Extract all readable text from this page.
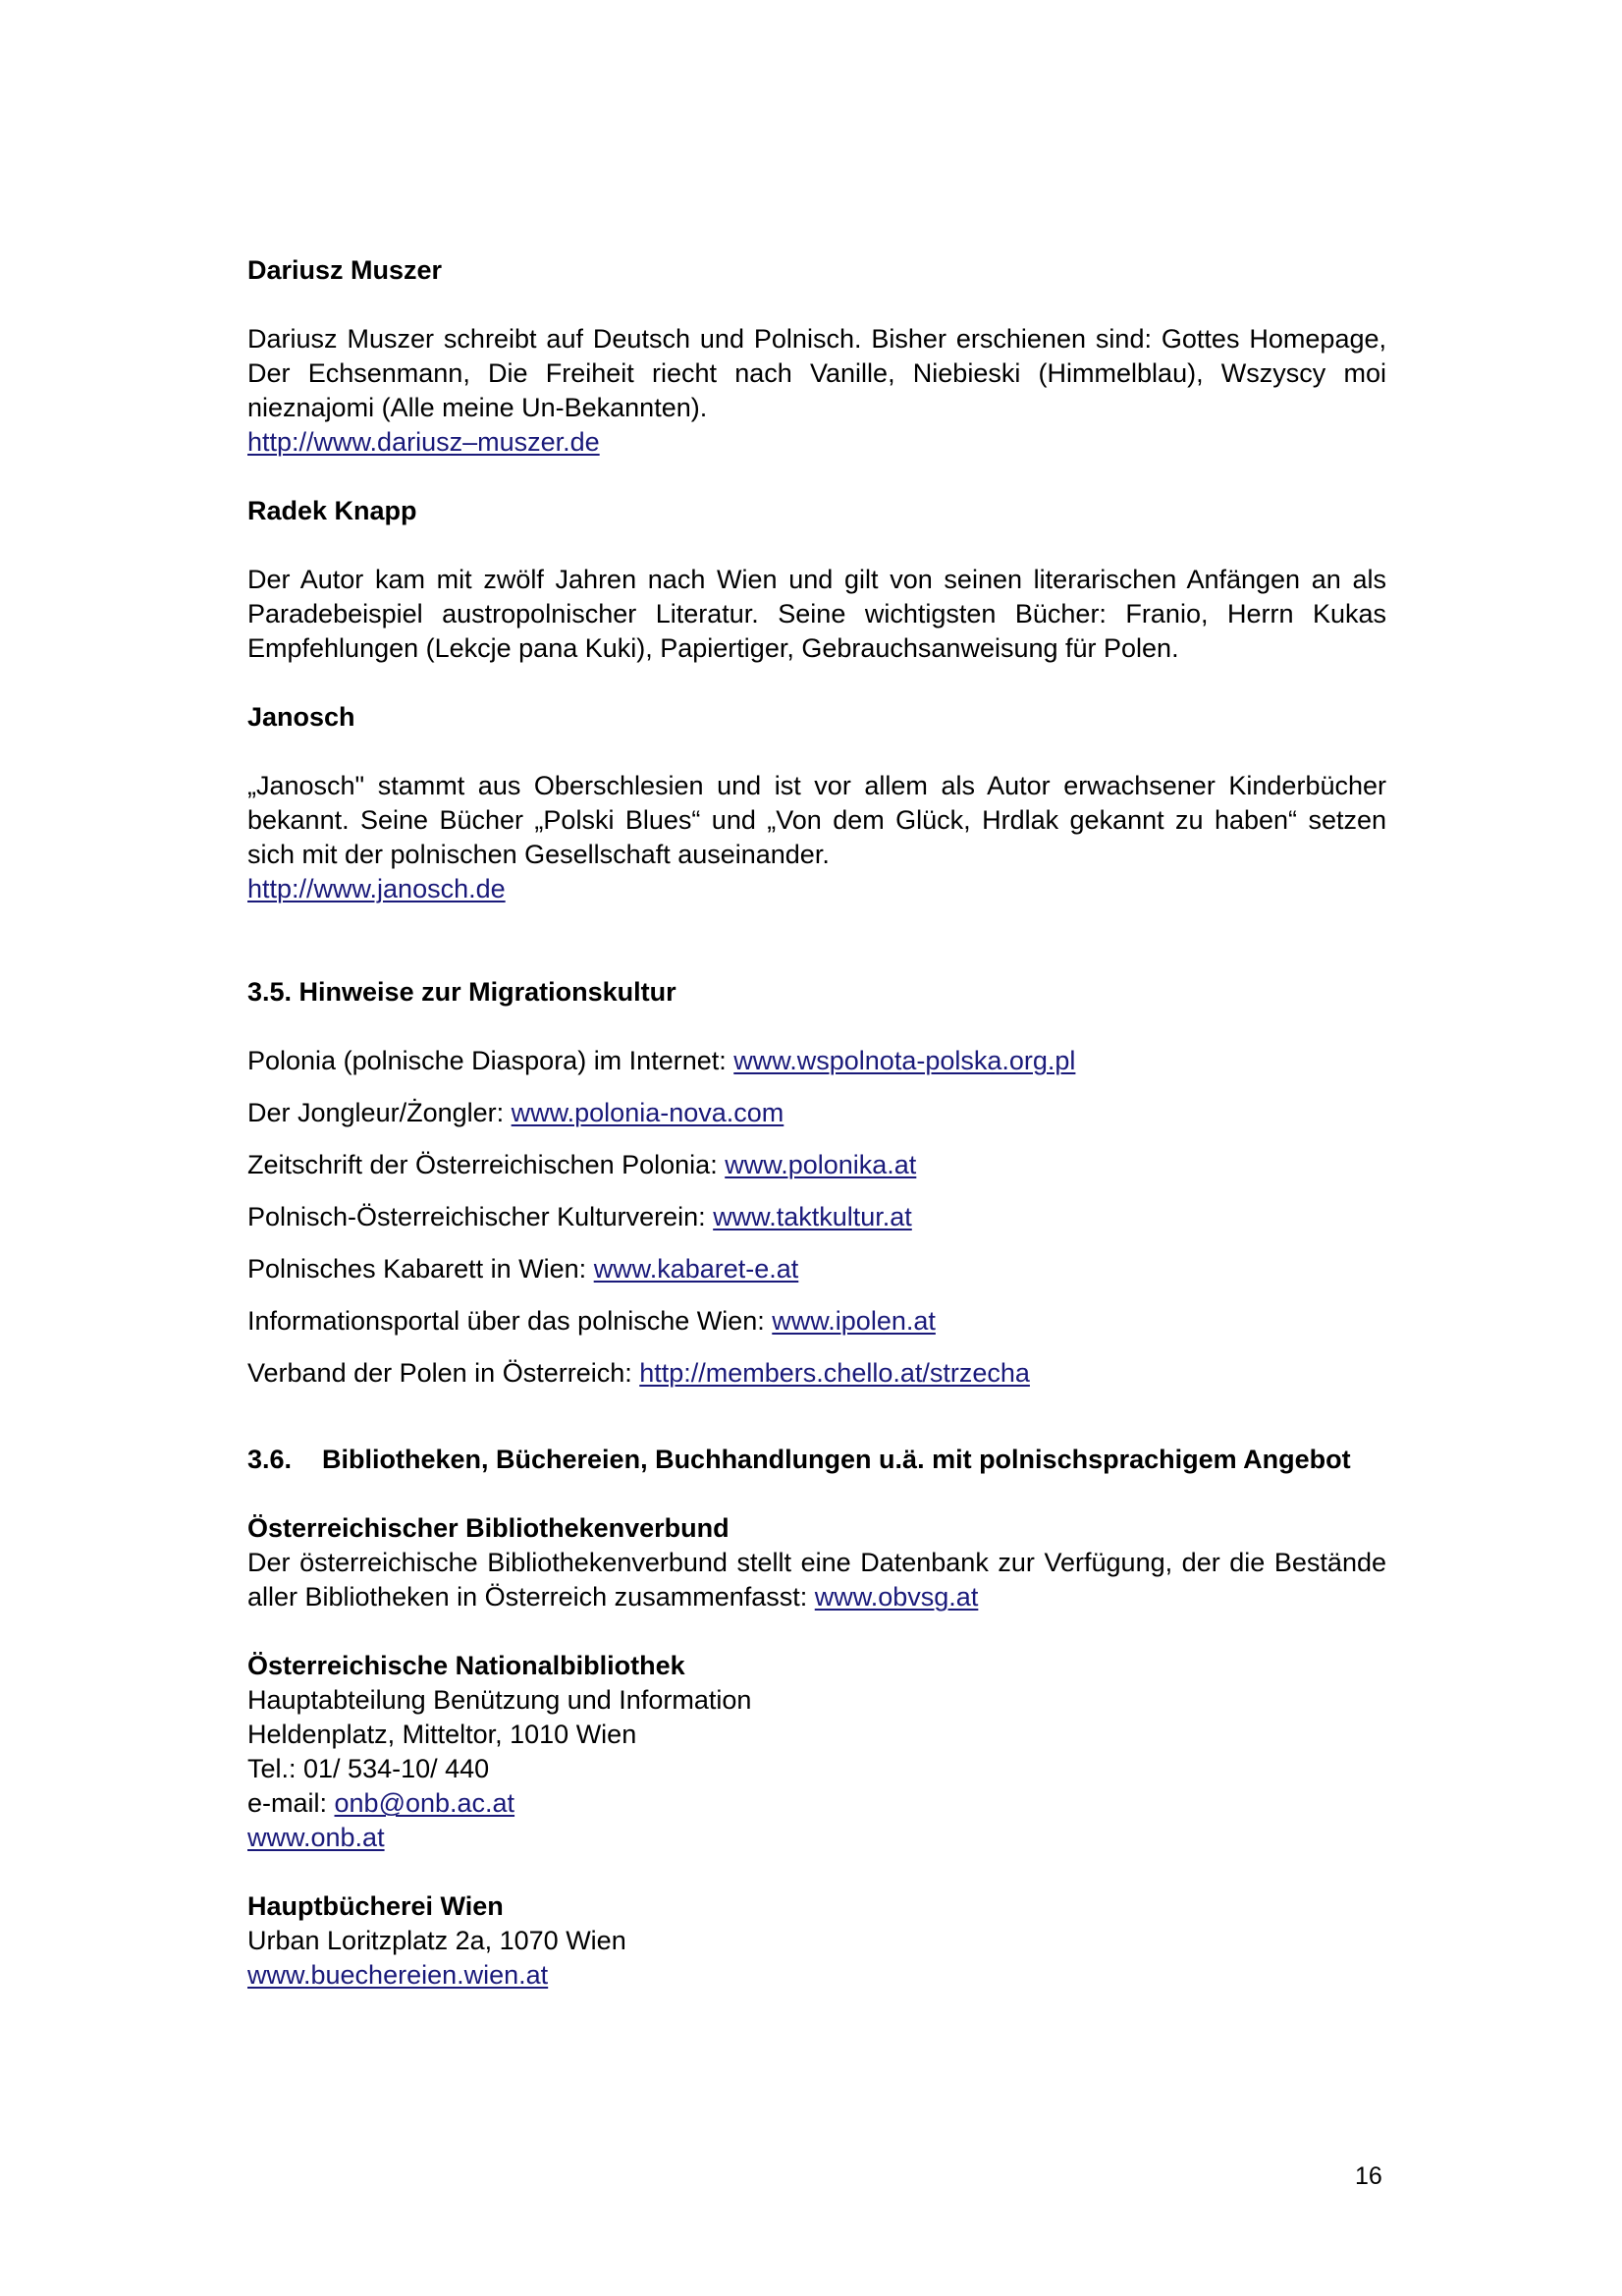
Dariusz Muszer

Dariusz Muszer schreibt auf Deutsch und Polnisch. Bisher erschienen sind: Gottes Homepage, Der Echsenmann, Die Freiheit riecht nach Vanille, Niebieski (Himmelblau), Wszyscy moi nieznajomi (Alle meine Un-Bekannten).

http://www.dariusz–muszer.de

Radek Knapp

Der Autor kam mit zwölf Jahren nach Wien und gilt von seinen literarischen Anfängen an als Paradebeispiel austropolnischer Literatur. Seine wichtigsten Bücher: Franio, Herrn Kukas Empfehlungen (Lekcje pana Kuki), Papiertiger, Gebrauchsanweisung für Polen.

Janosch

„Janosch" stammt aus Oberschlesien und ist vor allem als Autor erwachsener Kinderbücher bekannt. Seine Bücher „Polski Blues“ und „Von dem Glück, Hrdlak gekannt zu haben“ setzen sich mit der polnischen Gesellschaft auseinander.

http://www.janosch.de

3.5. Hinweise zur Migrationskultur

Polonia (polnische Diaspora) im Internet: www.wspolnota-polska.org.pl
Der Jongleur/Żongler: www.polonia-nova.com
Zeitschrift der Österreichischen Polonia: www.polonika.at
Polnisch-Österreichischer Kulturverein: www.taktkultur.at
Polnisches Kabarett in Wien: www.kabaret-e.at
Informationsportal über das polnische Wien: www.ipolen.at
Verband der Polen in Österreich: http://members.chello.at/strzecha
3.6.	Bibliotheken, Büchereien, Buchhandlungen u.ä. mit polnischsprachigem Angebot

Österreichischer Bibliothekenverbund

Der österreichische Bibliothekenverbund stellt eine Datenbank zur Verfügung, der die Bestände aller Bibliotheken in Österreich zusammenfasst: www.obvsg.at

Österreichische Nationalbibliothek

Hauptabteilung Benützung und Information

Heldenplatz, Mitteltor, 1010 Wien

Tel.: 01/ 534-10/ 440

e-mail: onb@onb.ac.at

www.onb.at

Hauptbücherei Wien

Urban Loritzplatz 2a, 1070 Wien

www.buechereien.wien.at

16
